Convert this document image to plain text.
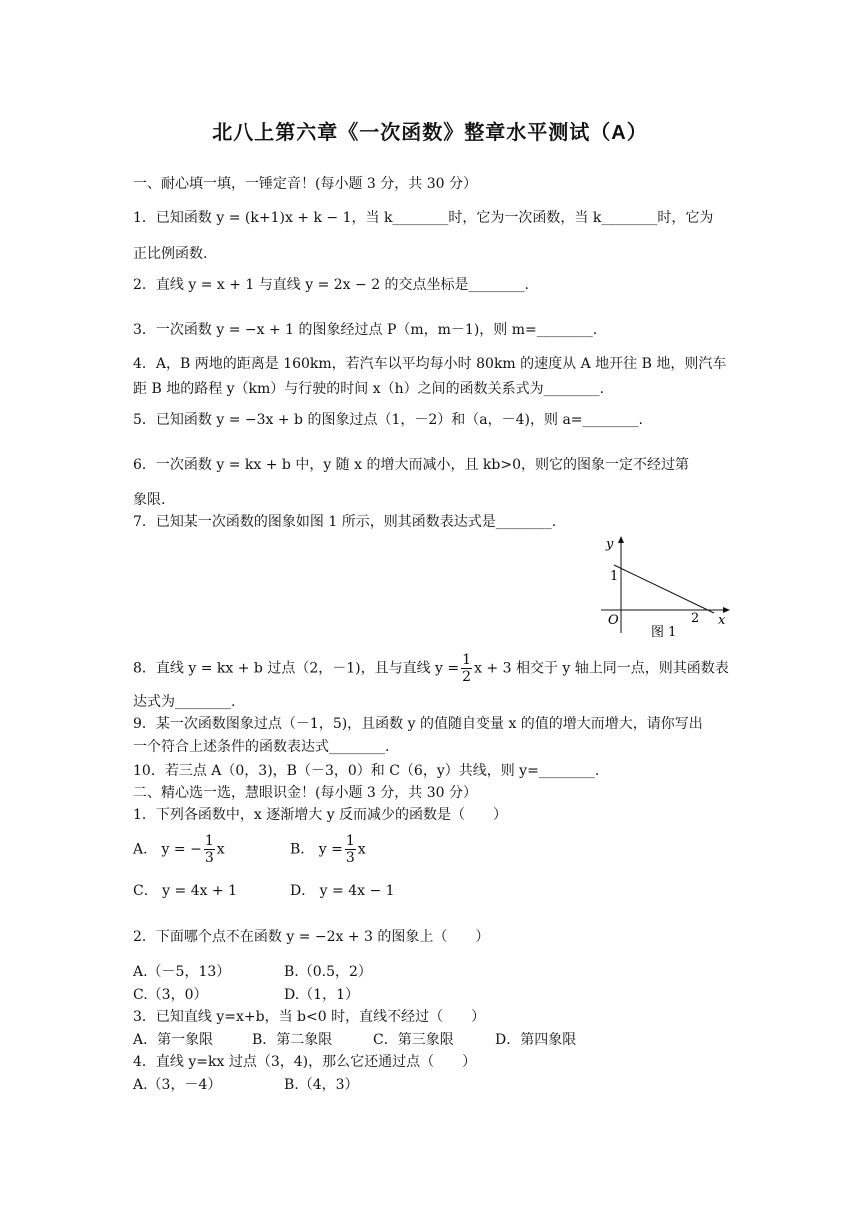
北八上第六章《一次函数》整章水平测试（A）
一、耐心填一填，一锤定音！(每小题 3 分，共 30 分）
1．已知函数 y = (k+1)x + k − 1，当 k________时，它为一次函数，当 k________时，它为
正比例函数.
2．直线 y = x + 1 与直线 y = 2x − 2 的交点坐标是________.
3．一次函数 y = −x + 1 的图象经过点 P（m，m－1)，则 m=________.
4．A，B 两地的距离是 160km，若汽车以平均每小时 80km 的速度从 A 地开往 B 地，则汽车
距 B 地的路程 y（km）与行驶的时间 x（h）之间的函数关系式为________.
5．已知函数 y = −3x + b 的图象过点（1，－2）和（a，－4)，则 a=________.
6．一次函数 y = kx + b 中，y 随 x 的增大而减小，且 kb>0，则它的图象一定不经过第
象限.
7．已知某一次函数的图象如图 1 所示，则其函数表达式是________.
y
x
O
1
2
图 1
8．直线 y = kx + b 过点（2，－1)，且与直线 $y = \frac{1}{2}$ x + 3 相交于 y 轴上同一点，则其函数表
达式为________.
9．某一次函数图象过点（－1，5)，且函数 y 的值随自变量 x 的值的增大而增大，请你写出
一个符合上述条件的函数表达式________.
10．若三点 A（0，3)，B（－3，0）和 C（6，y）共线，则 y=________.
二、精心选一选，慧眼识金！(每小题 3 分，共 30 分）
1．下列各函数中，x 逐渐增大 y 反而减少的函数是（　　）
A． y = − $\frac{1}{3}$ x	B． $y = \frac{1}{3}$ x
C． y = 4x + 1	D． y = 4x − 1
2．下面哪个点不在函数 y = −2x + 3 的图象上（　　）
A.（－5，13）	B.（0.5，2）
C.（3，0）	D.（1，1）
3．已知直线 y=x+b，当 b<0 时，直线不经过（　　）
A．第一象限	B．第二象限	C．第三象限	D．第四象限
4．直线 y=kx 过点（3，4)，那么它还通过点（　　）
A.（3，－4）	B.（4，3）
